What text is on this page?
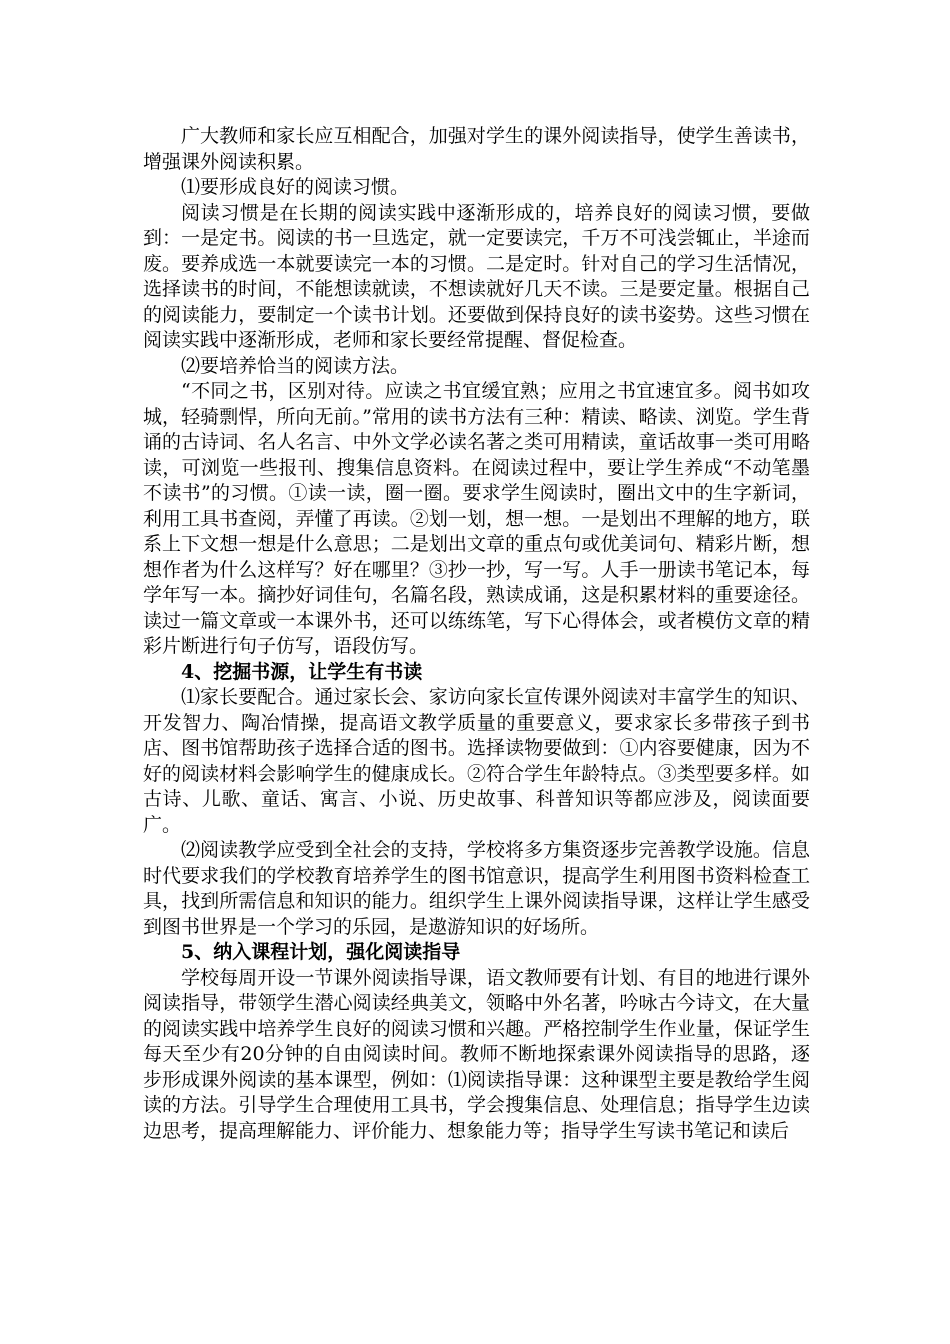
广大教师和家长应互相配合，加强对学生的课外阅读指导，使学生善读书，增强课外阅读积累。

⑴要形成良好的阅读习惯。

阅读习惯是在长期的阅读实践中逐渐形成的，培养良好的阅读习惯，要做到：一是定书。阅读的书一旦选定，就一定要读完，千万不可浅尝辄止，半途而废。要养成选一本就要读完一本的习惯。二是定时。针对自己的学习生活情况，选择读书的时间，不能想读就读，不想读就好几天不读。三是要定量。根据自己的阅读能力，要制定一个读书计划。还要做到保持良好的读书姿势。这些习惯在阅读实践中逐渐形成，老师和家长要经常提醒、督促检查。

⑵要培养恰当的阅读方法。

“不同之书，区别对待。应读之书宜缓宜熟；应用之书宜速宜多。阅书如攻城，轻骑剽悍，所向无前。”常用的读书方法有三种：精读、略读、浏览。学生背诵的古诗词、名人名言、中外文学必读名著之类可用精读，童话故事一类可用略读，可浏览一些报刊、搜集信息资料。在阅读过程中，要让学生养成“不动笔墨不读书”的习惯。①读一读，圈一圈。要求学生阅读时，圈出文中的生字新词，利用工具书查阅，弄懂了再读。②划一划，想一想。一是划出不理解的地方，联系上下文想一想是什么意思；二是划出文章的重点句或优美词句、精彩片断，想想作者为什么这样写？好在哪里？③抄一抄，写一写。人手一册读书笔记本，每学年写一本。摘抄好词佳句，名篇名段，熟读成诵，这是积累材料的重要途径。读过一篇文章或一本课外书，还可以练练笔，写下心得体会，或者模仿文章的精彩片断进行句子仿写，语段仿写。

4、挖掘书源，让学生有书读

⑴家长要配合。通过家长会、家访向家长宣传课外阅读对丰富学生的知识、开发智力、陶冶情操，提高语文教学质量的重要意义，要求家长多带孩子到书店、图书馆帮助孩子选择合适的图书。选择读物要做到：①内容要健康，因为不好的阅读材料会影响学生的健康成长。②符合学生年龄特点。③类型要多样。如古诗、儿歌、童话、寓言、小说、历史故事、科普知识等都应涉及，阅读面要广。

⑵阅读教学应受到全社会的支持，学校将多方集资逐步完善教学设施。信息时代要求我们的学校教育培养学生的图书馆意识，提高学生利用图书资料检查工具，找到所需信息和知识的能力。组织学生上课外阅读指导课，这样让学生感受到图书世界是一个学习的乐园，是遨游知识的好场所。

5、纳入课程计划，强化阅读指导

学校每周开设一节课外阅读指导课，语文教师要有计划、有目的地进行课外阅读指导，带领学生潜心阅读经典美文，领略中外名著，吟咏古今诗文，在大量的阅读实践中培养学生良好的阅读习惯和兴趣。严格控制学生作业量，保证学生每天至少有20分钟的自由阅读时间。教师不断地探索课外阅读指导的思路，逐步形成课外阅读的基本课型，例如：⑴阅读指导课：这种课型主要是教给学生阅读的方法。引导学生合理使用工具书，学会搜集信息、处理信息；指导学生边读边思考，提高理解能力、评价能力、想象能力等；指导学生写读书笔记和读后
